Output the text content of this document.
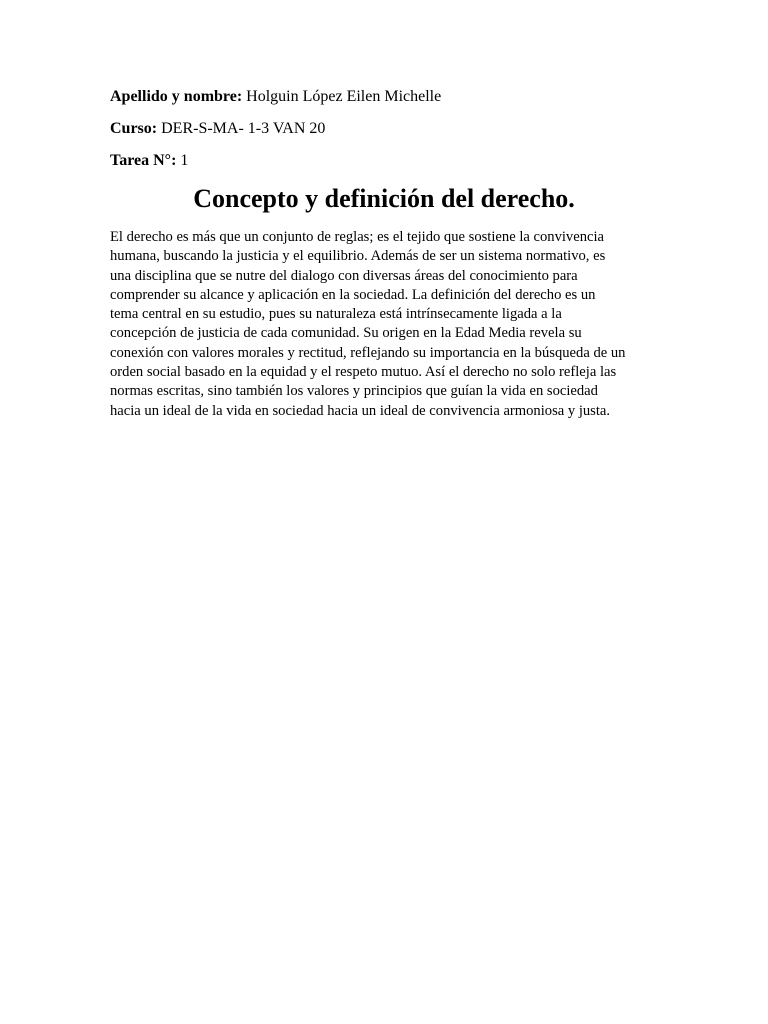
Apellido y nombre: Holguin López Eilen Michelle

Curso: DER-S-MA- 1-3 VAN 20

Tarea N°: 1

Concepto y definición del derecho.

El derecho es más que un conjunto de reglas; es el tejido que sostiene la convivencia
humana, buscando la justicia y el equilibrio. Además de ser un sistema normativo, es
una disciplina que se nutre del dialogo con diversas áreas del conocimiento para
comprender su alcance y aplicación en la sociedad. La definición del derecho es un
tema central en su estudio, pues su naturaleza está intrínsecamente ligada a la
concepción de justicia de cada comunidad. Su origen en la Edad Media revela su
conexión con valores morales y rectitud, reflejando su importancia en la búsqueda de un
orden social basado en la equidad y el respeto mutuo. Así el derecho no solo refleja las
normas escritas, sino también los valores y principios que guían la vida en sociedad
hacia un ideal de la vida en sociedad hacia un ideal de convivencia armoniosa y justa.
